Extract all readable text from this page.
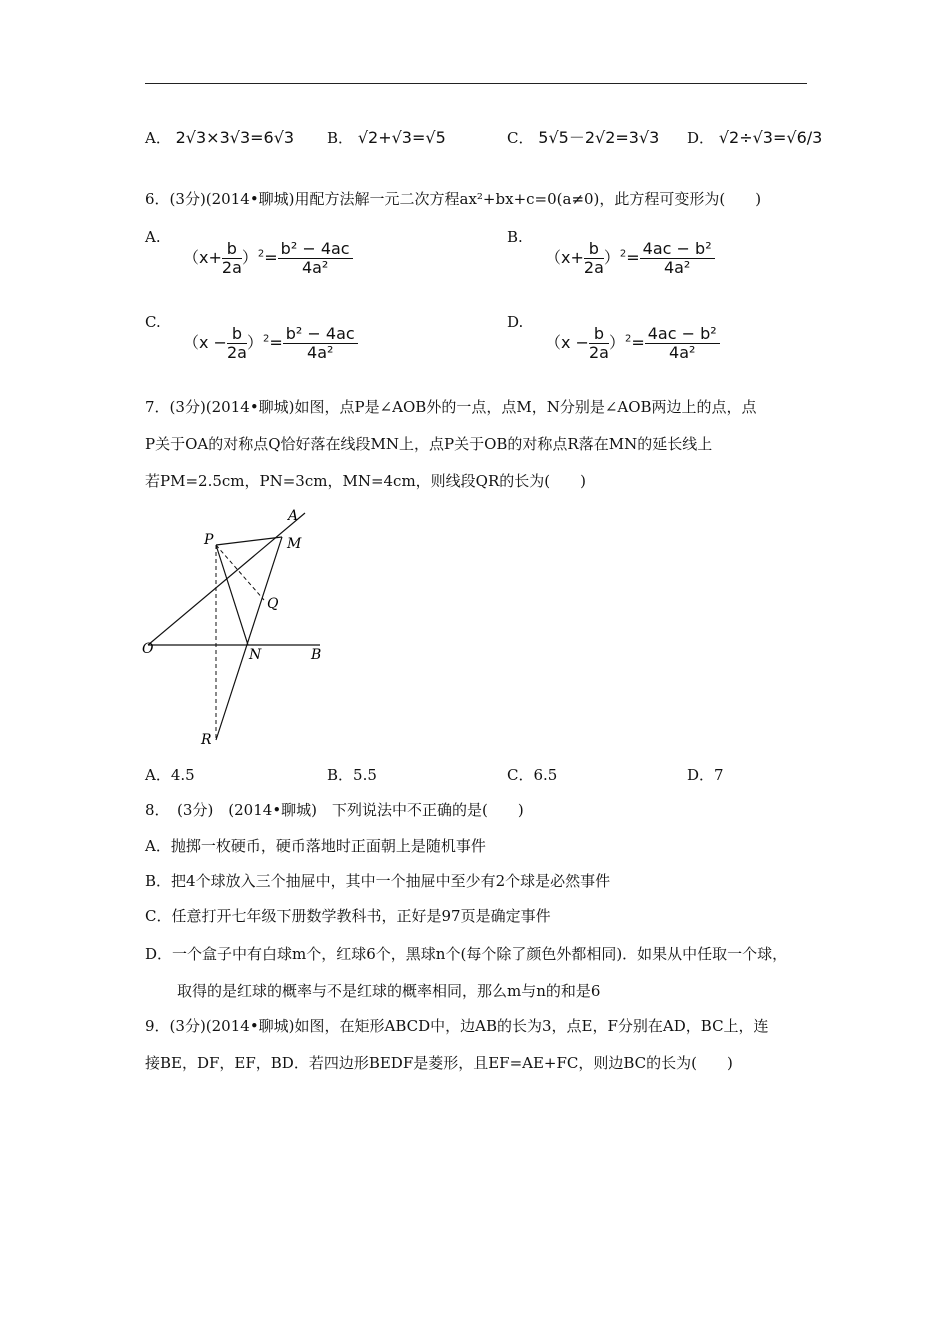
A． 2√3×3√3=6√3 B． √2+√3=√5	C． 5√5－2√2=3√3 D． √2÷√3=√6/3
6．(3分)(2014•聊城)用配方法解一元二次方程ax²+bx+c=0(a≠0)，此方程可变形为(　　)
A.
$(x+ \frac{b}{2a} )^2= \frac{\text{b² − 4ac}}{\text{4a²}}$
B.
$(x+ \frac{b}{2a} )^2= \frac{\text{4ac − b²}}{\text{4a²}}$
C.
$(x - \frac{b}{2a} )^2= \frac{\text{b² − 4ac}}{\text{4a²}}$
D.
$(x - \frac{b}{2a} )^2= \frac{\text{4ac − b²}}{\text{4a²}}$
7．(3分)(2014•聊城)如图，点P是∠AOB外的一点，点M，N分别是∠AOB两边上的点，点
P关于OA的对称点Q恰好落在线段MN上，点P关于OB的对称点R落在MN的延长线上
若PM=2.5cm，PN=3cm，MN=4cm，则线段QR的长为(　　)
P
A
M
Q
O	N	B
R
A．4.5	B．5.5	C．6.5	D．7
8．　(3分)　(2014•聊城)　下列说法中不正确的是(　　)
A．抛掷一枚硬币，硬币落地时正面朝上是随机事件
B．把4个球放入三个抽屉中，其中一个抽屉中至少有2个球是必然事件
C．任意打开七年级下册数学教科书，正好是97页是确定事件
D．一个盒子中有白球m个，红球6个，黑球n个(每个除了颜色外都相同)．如果从中任取一个球，
取得的是红球的概率与不是红球的概率相同，那么m与n的和是6
9．(3分)(2014•聊城)如图，在矩形ABCD中，边AB的长为3，点E，F分别在AD，BC上，连
接BE，DF，EF，BD．若四边形BEDF是菱形，且EF=AE+FC，则边BC的长为(　　)
